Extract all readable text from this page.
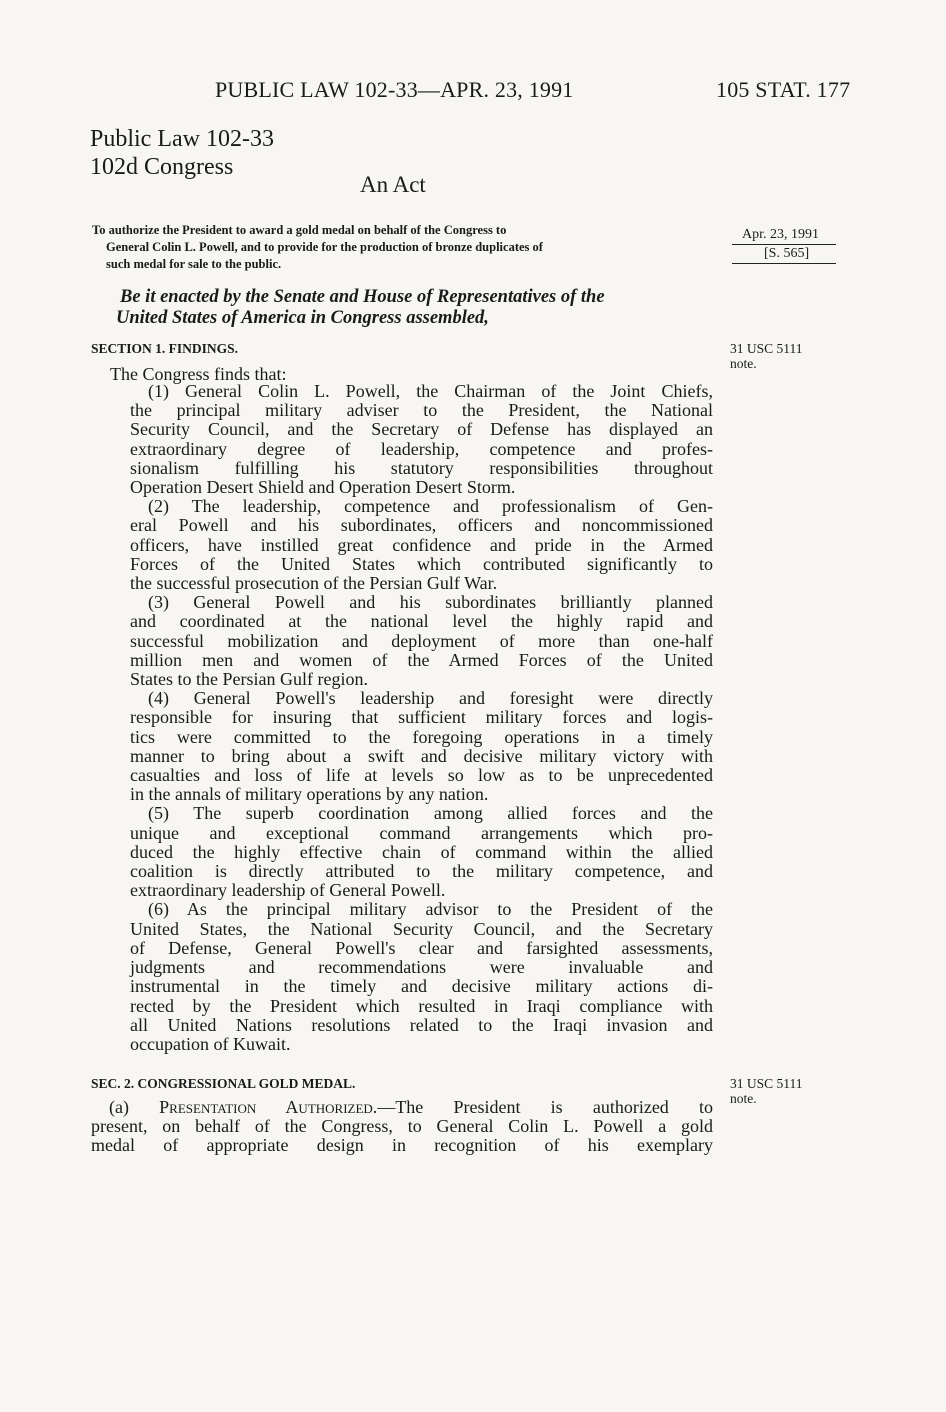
PUBLIC LAW 102-33—APR. 23, 1991	105 STAT. 177
Public Law 102-33
102d Congress
An Act
To authorize the President to award a gold medal on behalf of the Congress to
General Colin L. Powell, and to provide for the production of bronze duplicates of
such medal for sale to the public.
Apr. 23, 1991
[S. 565]
Be it enacted by the Senate and House of Representatives of the
United States of America in Congress assembled,
SECTION 1. FINDINGS.	31 USC 5111
note.
The Congress finds that:
(1) General Colin L. Powell, the Chairman of the Joint Chiefs,
the principal military adviser to the President, the National
Security Council, and the Secretary of Defense has displayed an
extraordinary degree of leadership, competence and profes-
sionalism fulfilling his statutory responsibilities throughout
Operation Desert Shield and Operation Desert Storm.
(2) The leadership, competence and professionalism of Gen-
eral Powell and his subordinates, officers and noncommissioned
officers, have instilled great confidence and pride in the Armed
Forces of the United States which contributed significantly to
the successful prosecution of the Persian Gulf War.
(3) General Powell and his subordinates brilliantly planned
and coordinated at the national level the highly rapid and
successful mobilization and deployment of more than one-half
million men and women of the Armed Forces of the United
States to the Persian Gulf region.
(4) General Powell's leadership and foresight were directly
responsible for insuring that sufficient military forces and logis-
tics were committed to the foregoing operations in a timely
manner to bring about a swift and decisive military victory with
casualties and loss of life at levels so low as to be unprecedented
in the annals of military operations by any nation.
(5) The superb coordination among allied forces and the
unique and exceptional command arrangements which pro-
duced the highly effective chain of command within the allied
coalition is directly attributed to the military competence, and
extraordinary leadership of General Powell.
(6) As the principal military advisor to the President of the
United States, the National Security Council, and the Secretary
of Defense, General Powell's clear and farsighted assessments,
judgments and recommendations were invaluable and
instrumental in the timely and decisive military actions di-
rected by the President which resulted in Iraqi compliance with
all United Nations resolutions related to the Iraqi invasion and
occupation of Kuwait.
SEC. 2. CONGRESSIONAL GOLD MEDAL.	31 USC 5111
note.
(a) Presentation Authorized.—The President is authorized to
present, on behalf of the Congress, to General Colin L. Powell a gold
medal of appropriate design in recognition of his exemplary
